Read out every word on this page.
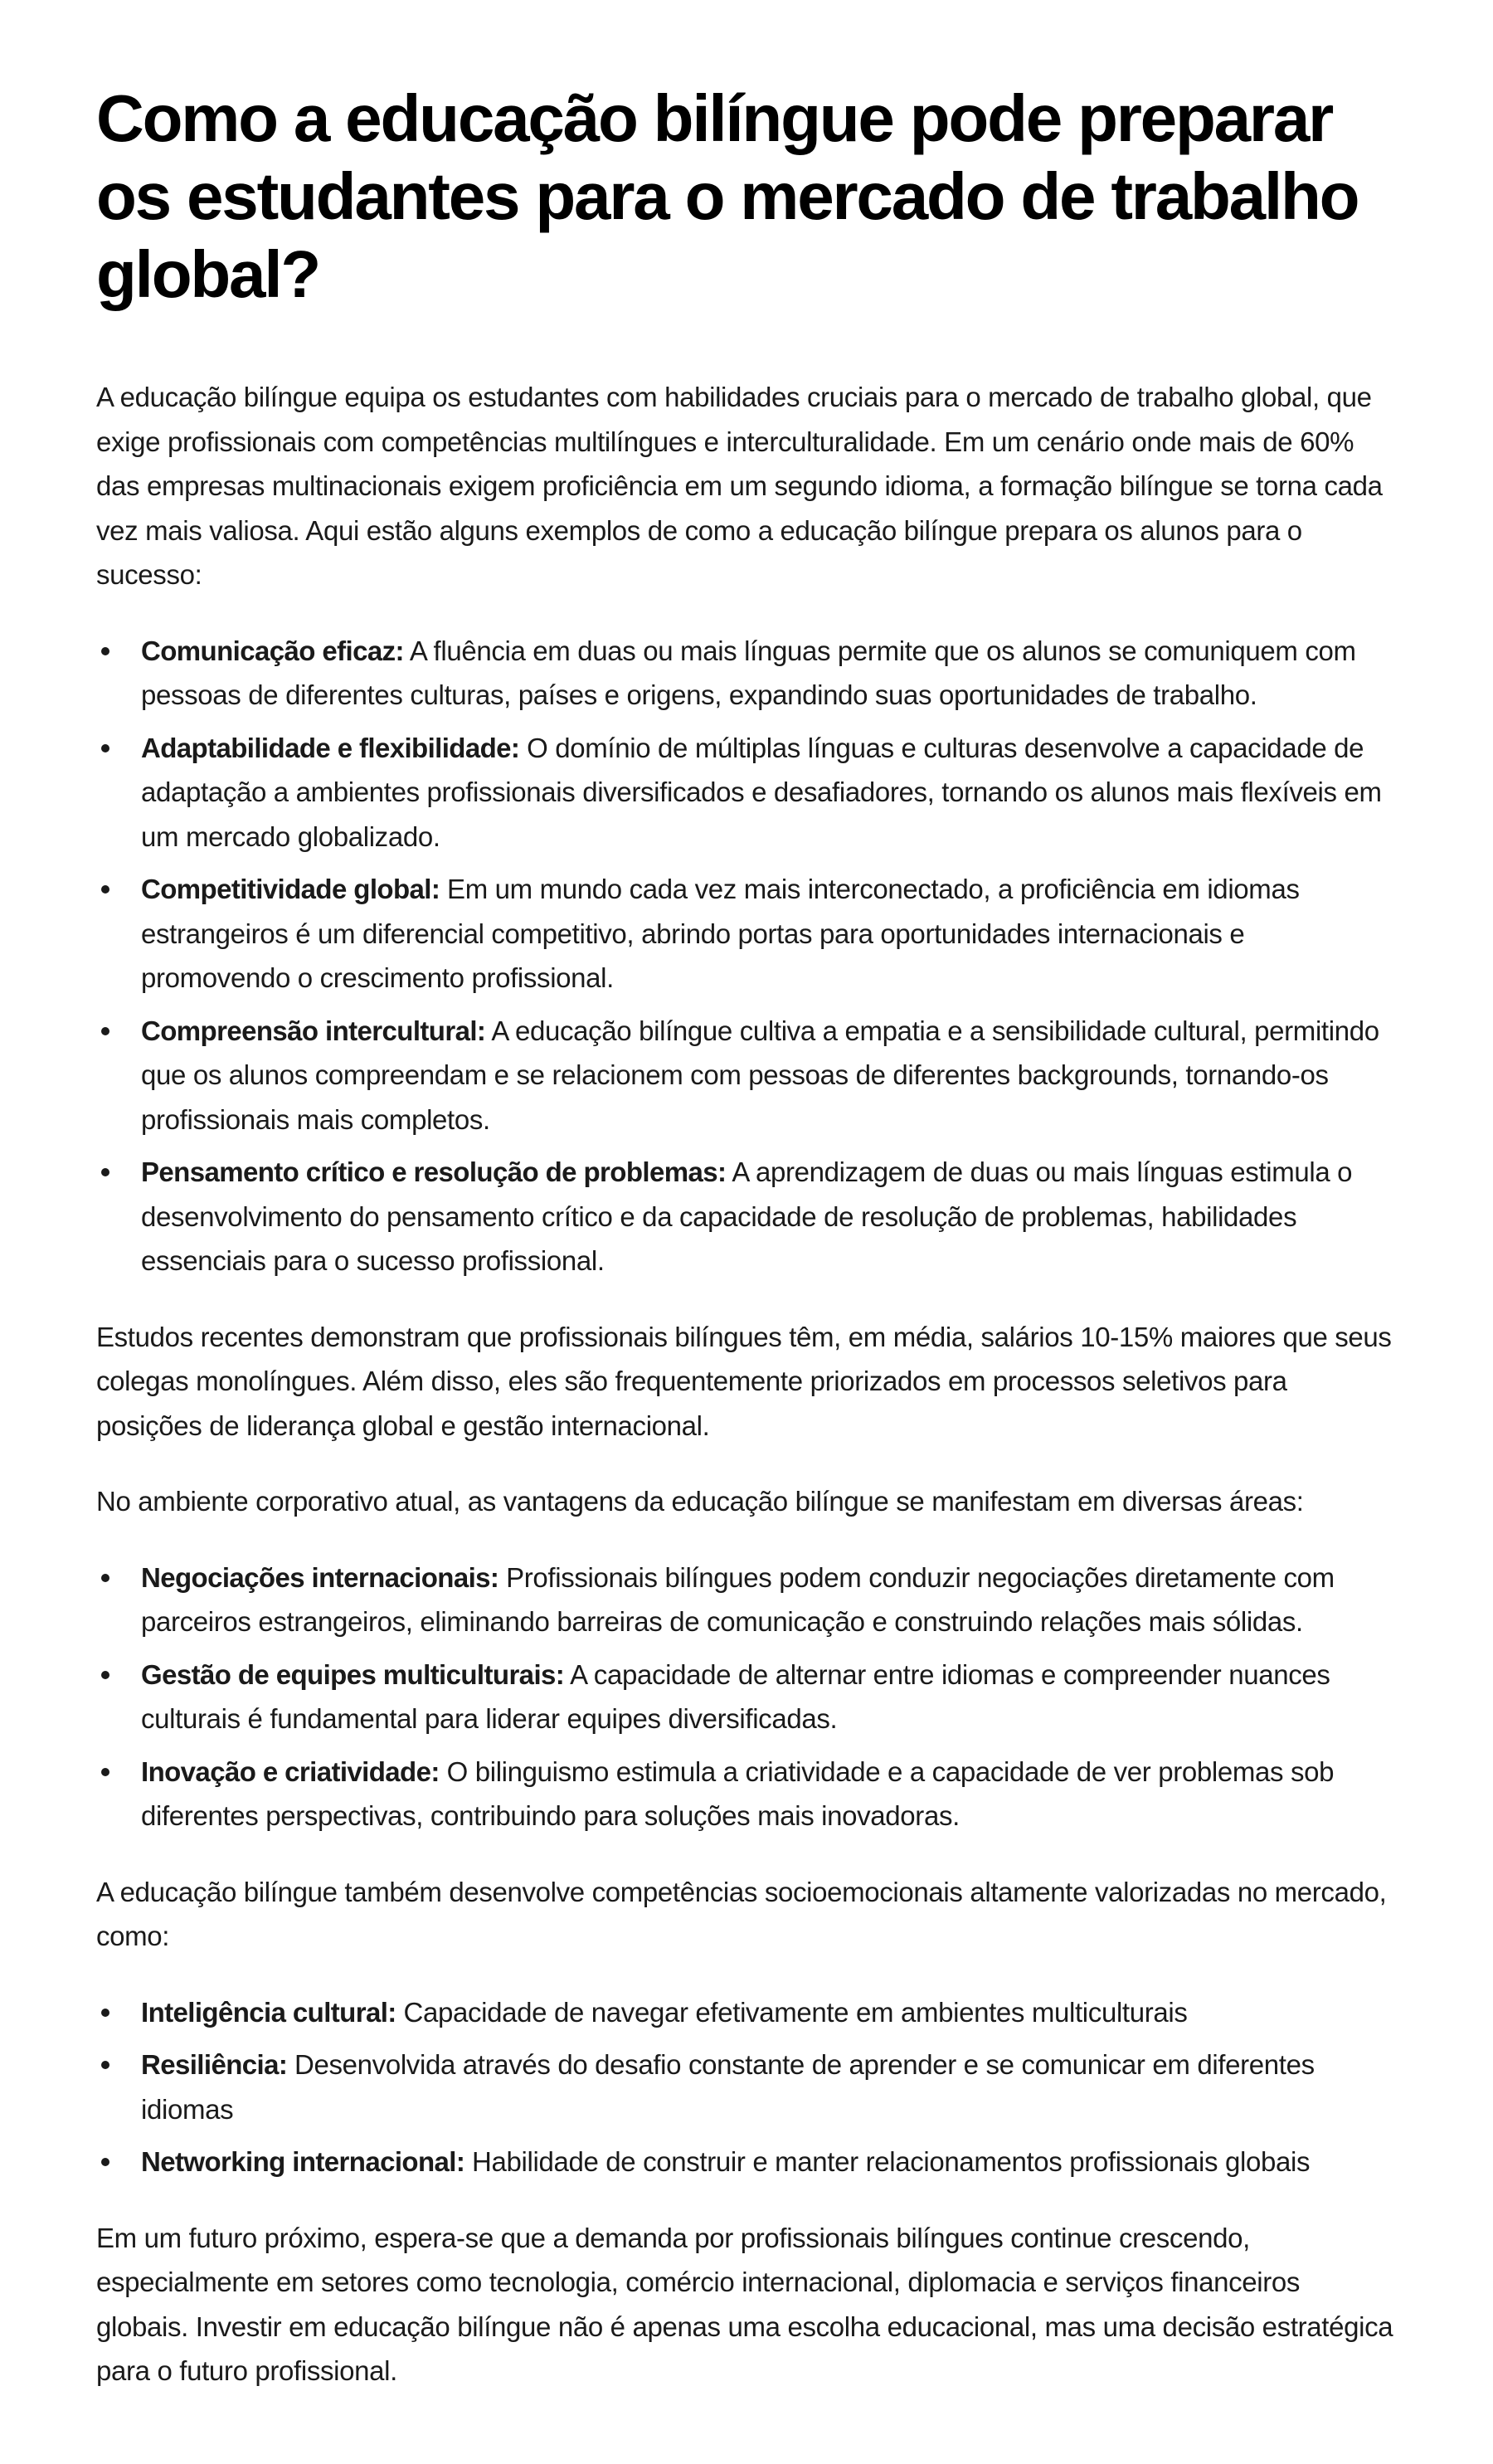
Como a educação bilíngue pode preparar os estudantes para o mercado de trabalho global?

A educação bilíngue equipa os estudantes com habilidades cruciais para o mercado de trabalho global, que exige profissionais com competências multilíngues e interculturalidade. Em um cenário onde mais de 60% das empresas multinacionais exigem proficiência em um segundo idioma, a formação bilíngue se torna cada vez mais valiosa. Aqui estão alguns exemplos de como a educação bilíngue prepara os alunos para o sucesso:

Comunicação eficaz: A fluência em duas ou mais línguas permite que os alunos se comuniquem com pessoas de diferentes culturas, países e origens, expandindo suas oportunidades de trabalho.
Adaptabilidade e flexibilidade: O domínio de múltiplas línguas e culturas desenvolve a capacidade de adaptação a ambientes profissionais diversificados e desafiadores, tornando os alunos mais flexíveis em um mercado globalizado.
Competitividade global: Em um mundo cada vez mais interconectado, a proficiência em idiomas estrangeiros é um diferencial competitivo, abrindo portas para oportunidades internacionais e promovendo o crescimento profissional.
Compreensão intercultural: A educação bilíngue cultiva a empatia e a sensibilidade cultural, permitindo que os alunos compreendam e se relacionem com pessoas de diferentes backgrounds, tornando-os profissionais mais completos.
Pensamento crítico e resolução de problemas: A aprendizagem de duas ou mais línguas estimula o desenvolvimento do pensamento crítico e da capacidade de resolução de problemas, habilidades essenciais para o sucesso profissional.

Estudos recentes demonstram que profissionais bilíngues têm, em média, salários 10-15% maiores que seus colegas monolíngues. Além disso, eles são frequentemente priorizados em processos seletivos para posições de liderança global e gestão internacional.

No ambiente corporativo atual, as vantagens da educação bilíngue se manifestam em diversas áreas:

Negociações internacionais: Profissionais bilíngues podem conduzir negociações diretamente com parceiros estrangeiros, eliminando barreiras de comunicação e construindo relações mais sólidas.
Gestão de equipes multiculturais: A capacidade de alternar entre idiomas e compreender nuances culturais é fundamental para liderar equipes diversificadas.
Inovação e criatividade: O bilinguismo estimula a criatividade e a capacidade de ver problemas sob diferentes perspectivas, contribuindo para soluções mais inovadoras.

A educação bilíngue também desenvolve competências socioemocionais altamente valorizadas no mercado, como:

Inteligência cultural: Capacidade de navegar efetivamente em ambientes multiculturais
Resiliência: Desenvolvida através do desafio constante de aprender e se comunicar em diferentes idiomas
Networking internacional: Habilidade de construir e manter relacionamentos profissionais globais

Em um futuro próximo, espera-se que a demanda por profissionais bilíngues continue crescendo, especialmente em setores como tecnologia, comércio internacional, diplomacia e serviços financeiros globais. Investir em educação bilíngue não é apenas uma escolha educacional, mas uma decisão estratégica para o futuro profissional.
